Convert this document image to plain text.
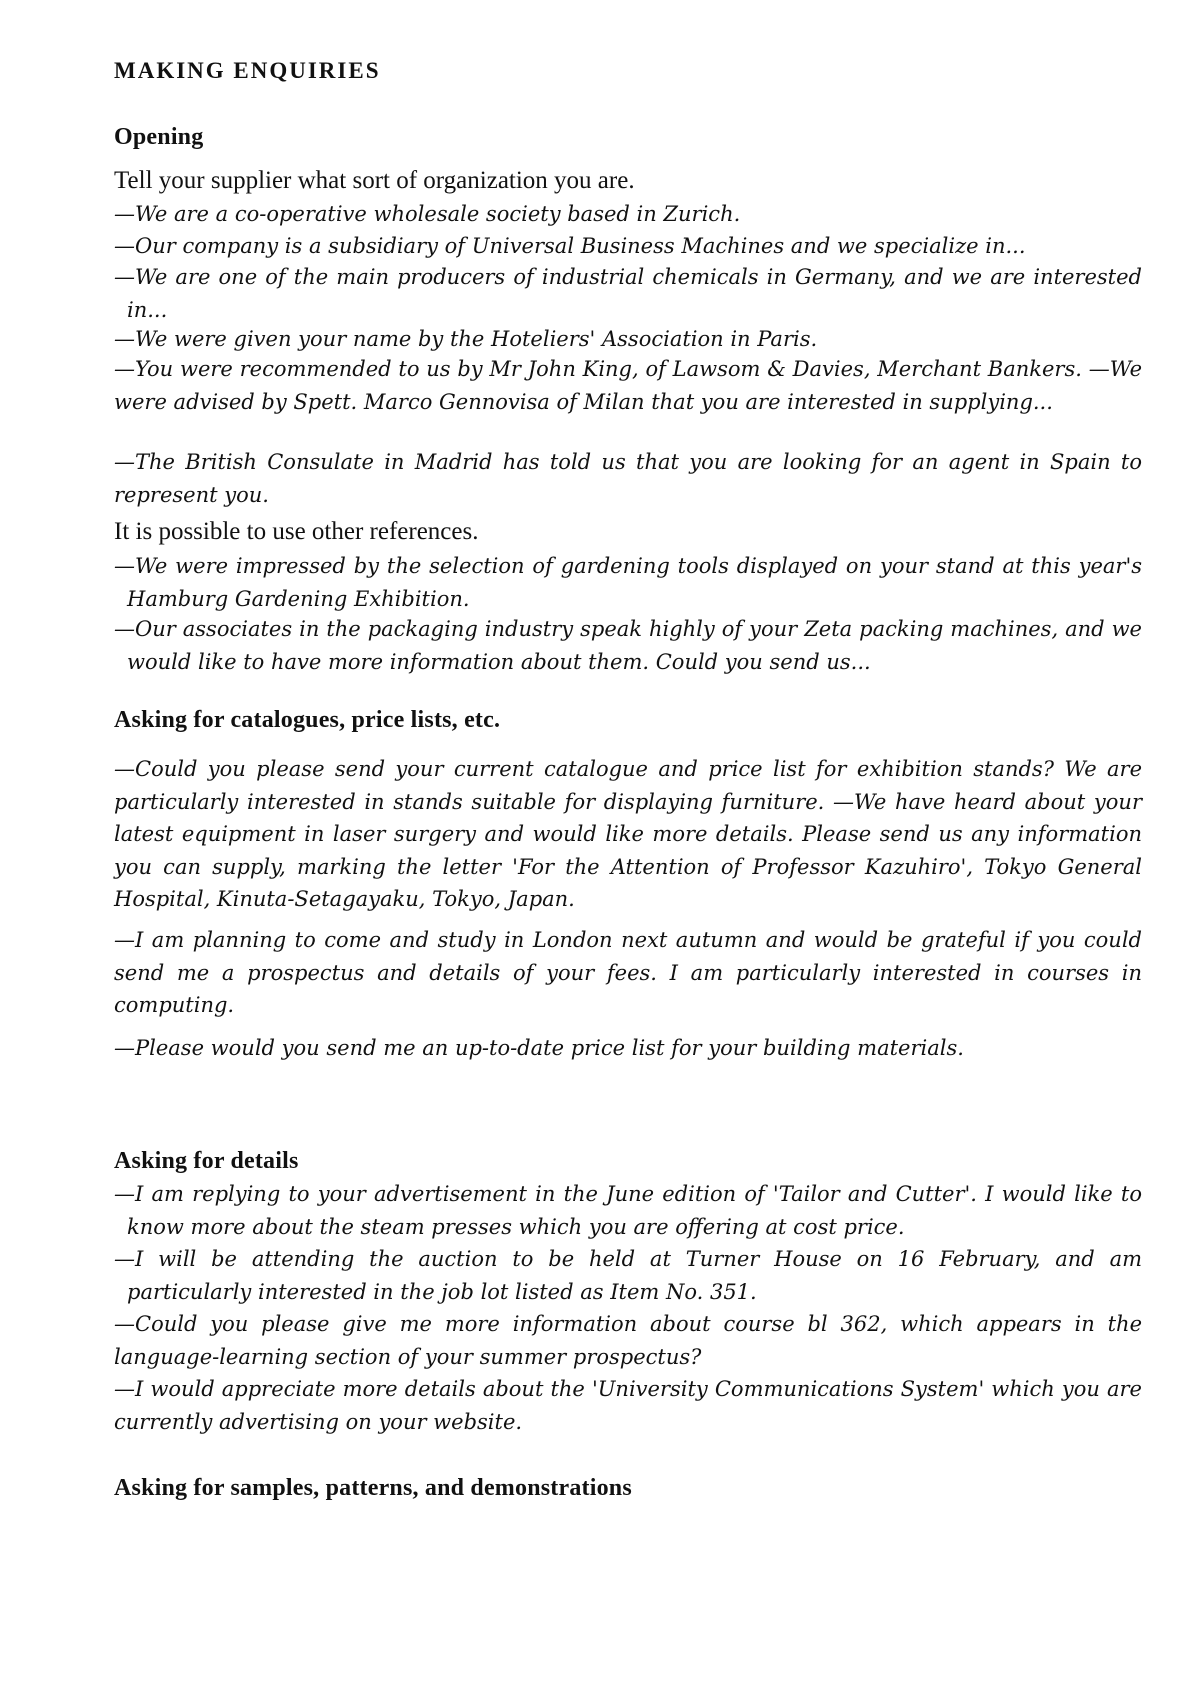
MAKING ENQUIRIES
Opening
Tell your supplier what sort of organization you are.
—We are a co-operative wholesale society based in Zurich.
—Our company is a subsidiary of Universal Business Machines and we specialize in...
—We are one of the main producers of industrial chemicals in Germany, and we are interested in...
—We were given your name by the Hoteliers' Association in Paris.
—You were recommended to us by Mr John King, of Lawsom & Davies, Merchant Bankers. —We were advised by Spett. Marco Gennovisa of Milan that you are interested in supplying...
—The British Consulate in Madrid has told us that you are looking for an agent in Spain to represent you.
It is possible to use other references.
—We were impressed by the selection of gardening tools displayed on your stand at this year's Hamburg Gardening Exhibition.
—Our associates in the packaging industry speak highly of your Zeta packing machines, and we would like to have more information about them. Could you send us...
Asking for catalogues, price lists, etc.
—Could you please send your current catalogue and price list for exhibition stands? We are particularly interested in stands suitable for displaying furniture. —We have heard about your latest equipment in laser surgery and would like more details. Please send us any information you can supply, marking the letter 'For the Attention of Professor Kazuhiro', Tokyo General Hospital, Kinuta-Setagayaku, Tokyo, Japan.
—I am planning to come and study in London next autumn and would be grateful if you could send me a prospectus and details of your fees. I am particularly interested in courses in computing.
—Please would you send me an up-to-date price list for your building materials.
Asking for details
—I am replying to your advertisement in the June edition of 'Tailor and Cutter'. I would like to know more about the steam presses which you are offering at cost price.
—I will be attending the auction to be held at Turner House on 16 February, and am particularly interested in the job lot listed as Item No. 351.
—Could you please give me more information about course bl 362, which appears in the language-learning section of your summer prospectus?
—I would appreciate more details about the 'University Communications System' which you are currently advertising on your website.
Asking for samples, patterns, and demonstrations
